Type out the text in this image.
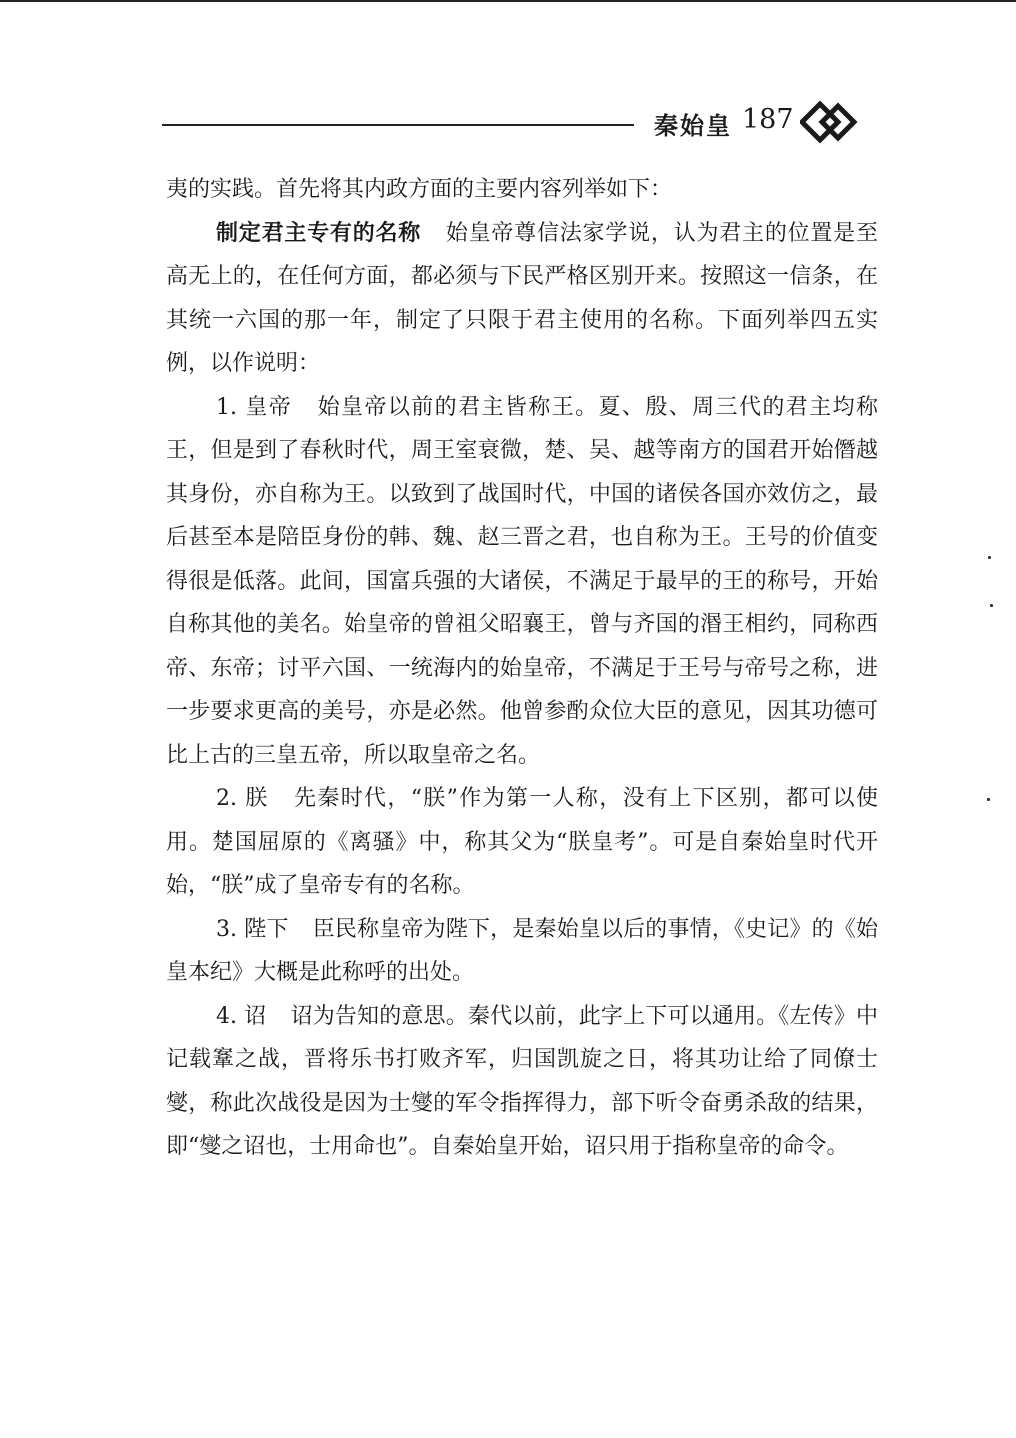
秦始皇 187

夷的实践。首先将其内政方面的主要内容列举如下：

制定君主专有的名称 始皇帝尊信法家学说，认为君主的位置是至高无上的，在任何方面，都必须与下民严格区别开来。按照这一信条，在其统一六国的那一年，制定了只限于君主使用的名称。下面列举四五实例，以作说明：

1. 皇帝 始皇帝以前的君主皆称王。夏、殷、周三代的君主均称王，但是到了春秋时代，周王室衰微，楚、吴、越等南方的国君开始僭越其身份，亦自称为王。以致到了战国时代，中国的诸侯各国亦效仿之，最后甚至本是陪臣身份的韩、魏、赵三晋之君，也自称为王。王号的价值变得很是低落。此间，国富兵强的大诸侯，不满足于最早的王的称号，开始自称其他的美名。始皇帝的曾祖父昭襄王，曾与齐国的湣王相约，同称西帝、东帝；讨平六国、一统海内的始皇帝，不满足于王号与帝号之称，进一步要求更高的美号，亦是必然。他曾参酌众位大臣的意见，因其功德可比上古的三皇五帝，所以取皇帝之名。

2. 朕 先秦时代，“朕”作为第一人称，没有上下区别，都可以使用。楚国屈原的《离骚》中，称其父为“朕皇考”。可是自秦始皇时代开始，“朕”成了皇帝专有的名称。

3. 陛下 臣民称皇帝为陛下，是秦始皇以后的事情，《史记》的《始皇本纪》大概是此称呼的出处。

4. 诏 诏为告知的意思。秦代以前，此字上下可以通用。《左传》中记载鞌之战，晋将乐书打败齐军，归国凯旋之日，将其功让给了同僚士燮，称此次战役是因为士燮的军令指挥得力，部下听令奋勇杀敌的结果，即“燮之诏也，士用命也”。自秦始皇开始，诏只用于指称皇帝的命令。
